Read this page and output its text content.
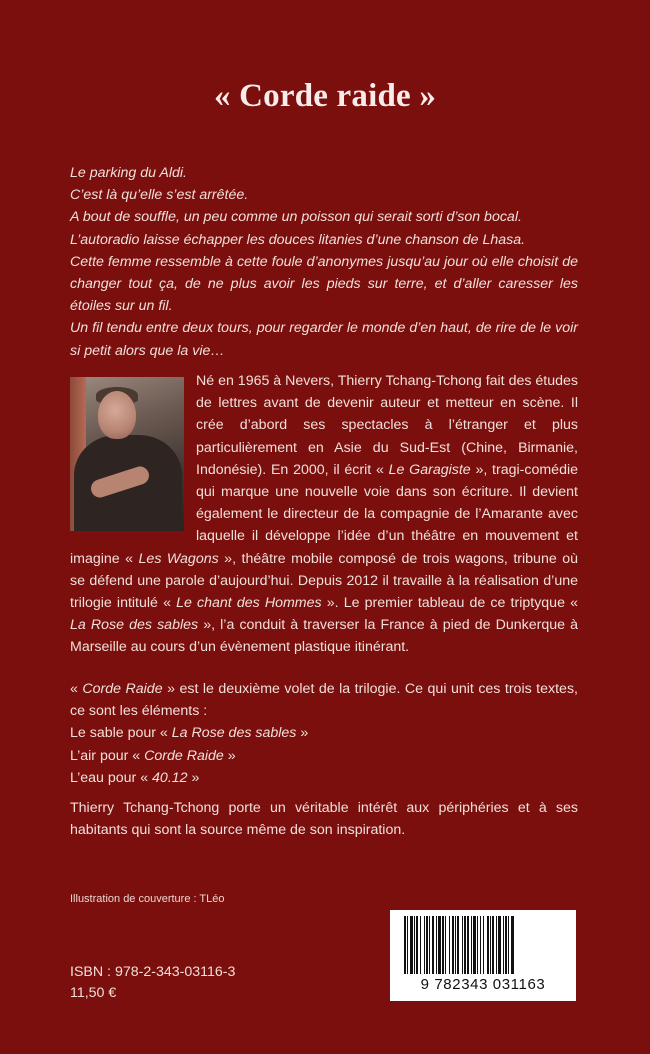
« Corde raide »

Le parking du Aldi.

C’est là qu’elle s’est arrêtée.

A bout de souffle, un peu comme un poisson qui serait sorti d’son bocal.

L’autoradio laisse échapper les douces litanies d’une chanson de Lhasa.

Cette femme ressemble à cette foule d’anonymes jusqu’au jour où elle choisit de changer tout ça, de ne plus avoir les pieds sur terre, et d’aller caresser les étoiles sur un fil.

Un fil tendu entre deux tours, pour regarder le monde d’en haut, de rire de le voir si petit alors que la vie…

Né en 1965 à Nevers, Thierry Tchang-Tchong fait des études de lettres avant de devenir auteur et metteur en scène. Il crée d’abord ses spectacles à l’étranger et plus particulièrement en Asie du Sud-Est (Chine, Birmanie, Indonésie). En 2000, il écrit « Le Garagiste », tragi-comédie qui marque une nouvelle voie dans son écriture. Il devient également le directeur de la compagnie de l’Amarante avec laquelle il développe l’idée d’un théâtre en mouvement et imagine « Les Wagons », théâtre mobile composé de trois wagons, tribune où se défend une parole d’aujourd’hui. Depuis 2012 il travaille à la réalisation d’une trilogie intitulé « Le chant des Hommes ». Le premier tableau de ce triptyque « La Rose des sables », l’a conduit à traverser la France à pied de Dunkerque à Marseille au cours d’un évènement plastique itinérant.

« Corde Raide » est le deuxième volet de la trilogie. Ce qui unit ces trois textes, ce sont les éléments :

Le sable pour « La Rose des sables »

L’air pour « Corde Raide »

L’eau pour « 40.12 »

Thierry Tchang-Tchong porte un véritable intérêt aux périphéries et à ses habitants qui sont la source même de son inspiration.
Illustration de couverture : TLéo
ISBN : 978-2-343-03116-3
11,50 €	9 782343 031163
